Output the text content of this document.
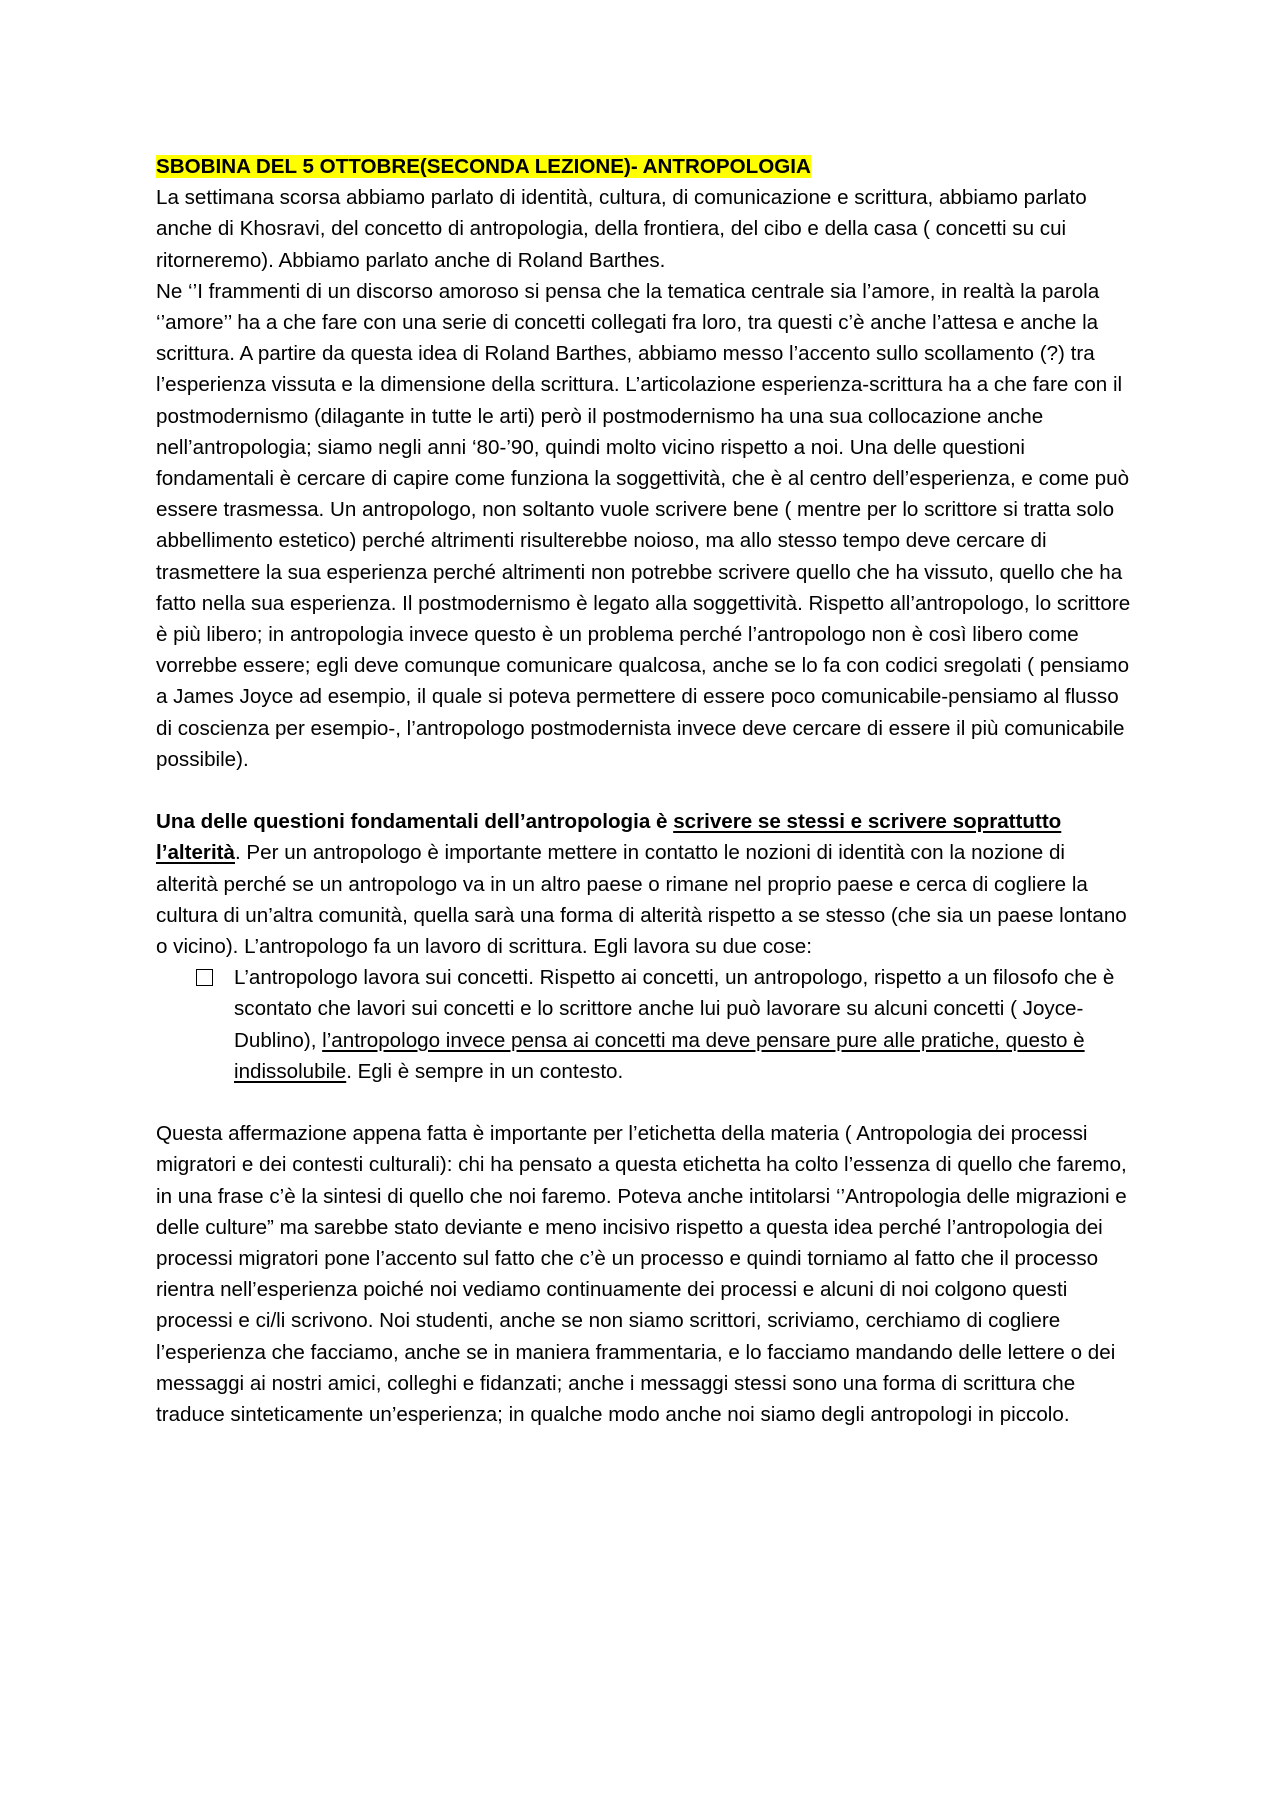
SBOBINA DEL 5 OTTOBRE(SECONDA LEZIONE)- ANTROPOLOGIA

La settimana scorsa abbiamo parlato di identità, cultura, di comunicazione e scrittura, abbiamo parlato anche di Khosravi, del concetto di antropologia, della frontiera, del cibo e della casa ( concetti su cui ritorneremo). Abbiamo parlato anche di Roland Barthes.

Ne ‘’I frammenti di un discorso amoroso si pensa che la tematica centrale sia l’amore, in realtà la parola ‘’amore’’ ha a che fare con una serie di concetti collegati fra loro, tra questi c’è anche l’attesa e anche la scrittura. A partire da questa idea di Roland Barthes, abbiamo messo l’accento sullo scollamento (?) tra l’esperienza vissuta e la dimensione della scrittura. L’articolazione esperienza-scrittura ha a che fare con il postmodernismo (dilagante in tutte le arti) però il postmodernismo ha una sua collocazione anche nell’antropologia; siamo negli anni ‘80-’90, quindi molto vicino rispetto a noi. Una delle questioni fondamentali è cercare di capire come funziona la soggettività, che è al centro dell’esperienza, e come può essere trasmessa. Un antropologo, non soltanto vuole scrivere bene ( mentre per lo scrittore si tratta solo abbellimento estetico) perché altrimenti risulterebbe noioso, ma allo stesso tempo deve cercare di trasmettere la sua esperienza perché altrimenti non potrebbe scrivere quello che ha vissuto, quello che ha fatto nella sua esperienza. Il postmodernismo è legato alla soggettività. Rispetto all’antropologo, lo scrittore è più libero; in antropologia invece questo è un problema perché l’antropologo non è così libero come vorrebbe essere; egli deve comunque comunicare qualcosa, anche se lo fa con codici sregolati ( pensiamo a James Joyce ad esempio, il quale si poteva permettere di essere poco comunicabile-pensiamo al flusso di coscienza per esempio-, l’antropologo postmodernista invece deve cercare di essere il più comunicabile possibile).

Una delle questioni fondamentali dell’antropologia è scrivere se stessi e scrivere soprattutto l’alterità. Per un antropologo è importante mettere in contatto le nozioni di identità con la nozione di alterità perché se un antropologo va in un altro paese o rimane nel proprio paese e cerca di cogliere la cultura di un’altra comunità, quella sarà una forma di alterità rispetto a se stesso (che sia un paese lontano o vicino). L’antropologo fa un lavoro di scrittura. Egli lavora su due cose:

L’antropologo lavora sui concetti. Rispetto ai concetti, un antropologo, rispetto a un filosofo che è scontato che lavori sui concetti e lo scrittore anche lui può lavorare su alcuni concetti ( Joyce-Dublino), l’antropologo invece pensa ai concetti ma deve pensare pure alle pratiche, questo è indissolubile. Egli è sempre in un contesto.

Questa affermazione appena fatta è importante per l’etichetta della materia ( Antropologia dei processi migratori e dei contesti culturali): chi ha pensato a questa etichetta ha colto l’essenza di quello che faremo, in una frase c’è la sintesi di quello che noi faremo. Poteva anche intitolarsi ‘’Antropologia delle migrazioni e delle culture” ma sarebbe stato deviante e meno incisivo rispetto a questa idea perché l’antropologia dei processi migratori pone l’accento sul fatto che c’è un processo e quindi torniamo al fatto che il processo rientra nell’esperienza poiché noi vediamo continuamente dei processi e alcuni di noi colgono questi processi e ci/li scrivono. Noi studenti, anche se non siamo scrittori, scriviamo, cerchiamo di cogliere l’esperienza che facciamo, anche se in maniera frammentaria, e lo facciamo mandando delle lettere o dei messaggi ai nostri amici, colleghi e fidanzati; anche i messaggi stessi sono una forma di scrittura che traduce sinteticamente un’esperienza; in qualche modo anche noi siamo degli antropologi in piccolo.
